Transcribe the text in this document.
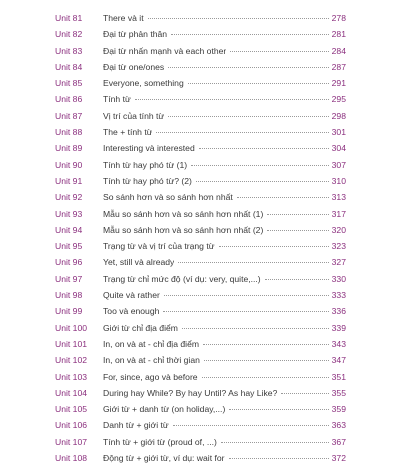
Unit 81	There và it	278
Unit 82	Đại từ phản thân	281
Unit 83	Đại từ nhấn mạnh và each other	284
Unit 84	Đại từ one/ones	287
Unit 85	Everyone, something	291
Unit 86	Tính từ	295
Unit 87	Vị trí của tính từ	298
Unit 88	The + tính từ	301
Unit 89	Interesting và interested	304
Unit 90	Tính từ hay phó từ (1)	307
Unit 91	Tính từ hay phó từ? (2)	310
Unit 92	So sánh hơn và so sánh hơn nhất	313
Unit 93	Mẫu so sánh hơn và so sánh hơn nhất (1)	317
Unit 94	Mẫu so sánh hơn và so sánh hơn nhất (2)	320
Unit 95	Trạng từ và vị trí của trạng từ	323
Unit 96	Yet, still và already	327
Unit 97	Trạng từ chỉ mức độ (ví dụ: very, quite,...)	330
Unit 98	Quite và rather	333
Unit 99	Too và enough	336
Unit 100	Giới từ chỉ địa điểm	339
Unit 101	In, on và at - chỉ địa điểm	343
Unit 102	In, on và at - chỉ thời gian	347
Unit 103	For, since, ago và before	351
Unit 104	During hay While? By hay Until? As hay Like?	355
Unit 105	Giới từ + danh từ (on holiday,...)	359
Unit 106	Danh từ + giới từ	363
Unit 107	Tính từ + giới từ (proud of, ...)	367
Unit 108	Động từ + giới từ, ví dụ: wait for	372
